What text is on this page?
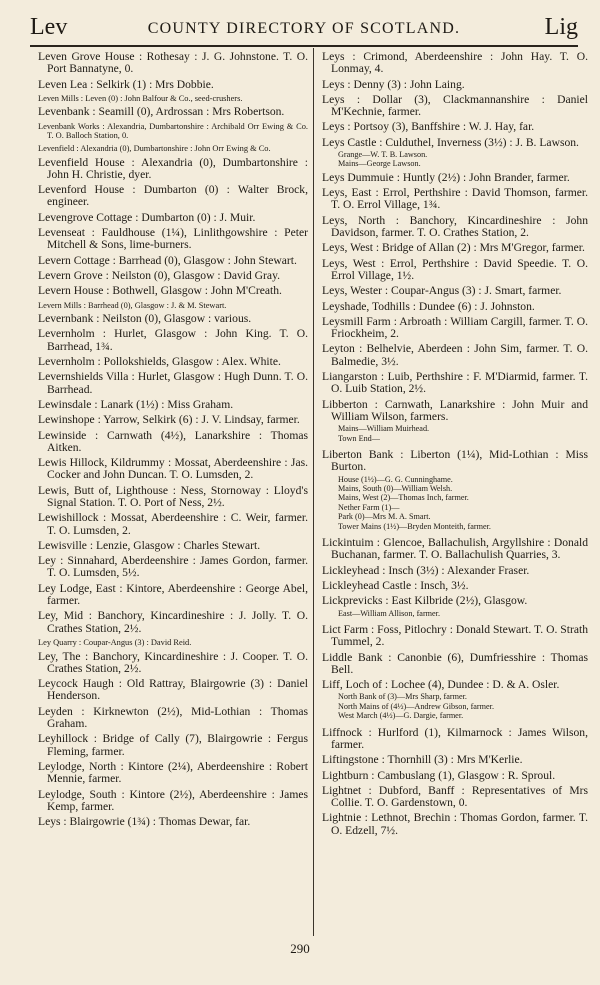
Lev	COUNTY DIRECTORY OF SCOTLAND.	Lig
Leven Grove House : Rothesay : J. G. Johnstone. T. O. Port Bannatyne, 0.
Leven Lea : Selkirk (1) : Mrs Dobbie.
Leven Mills : Leven (0) : John Balfour & Co., seed-crushers.
Levenbank : Seamill (0), Ardrossan : Mrs Robertson.
Levenbank Works : Alexandria, Dumbartonshire : Archibald Orr Ewing & Co. T. O. Balloch Station, 0.
Levenfield : Alexandria (0), Dumbartonshire : John Orr Ewing & Co.
Levenfield House : Alexandria (0), Dumbartonshire : John H. Christie, dyer.
Levenford House : Dumbarton (0) : Walter Brock, engineer.
Levengrove Cottage : Dumbarton (0) : J. Muir.
Levenseat : Fauldhouse (1¼), Linlithgowshire : Peter Mitchell & Sons, lime-burners.
Levern Cottage : Barrhead (0), Glasgow : John Stewart.
Levern Grove : Neilston (0), Glasgow : David Gray.
Levern House : Bothwell, Glasgow : John M'Creath.
Levern Mills : Barrhead (0), Glasgow : J. & M. Stewart.
Levernbank : Neilston (0), Glasgow : various.
Levernholm : Hurlet, Glasgow : John King. T. O. Barrhead, 1¾.
Levernholm : Pollokshields, Glasgow : Alex. White.
Levernshields Villa : Hurlet, Glasgow : Hugh Dunn. T. O. Barrhead.
Lewinsdale : Lanark (1½) : Miss Graham.
Lewinshope : Yarrow, Selkirk (6) : J. V. Lindsay, farmer.
Lewinside : Carnwath (4½), Lanarkshire : Thomas Aitken.
Lewis Hillock, Kildrummy : Mossat, Aberdeenshire : Jas. Cocker and John Duncan. T. O. Lumsden, 2.
Lewis, Butt of, Lighthouse : Ness, Stornoway : Lloyd's Signal Station. T. O. Port of Ness, 2½.
Lewishillock : Mossat, Aberdeenshire : C. Weir, farmer. T. O. Lumsden, 2.
Lewisville : Lenzie, Glasgow : Charles Stewart.
Ley : Sinnahard, Aberdeenshire : James Gordon, farmer. T. O. Lumsden, 5½.
Ley Lodge, East : Kintore, Aberdeenshire : George Abel, farmer.
Ley, Mid : Banchory, Kincardineshire : J. Jolly. T. O. Crathes Station, 2½.
Ley Quarry : Coupar-Angus (3) : David Reid.
Ley, The : Banchory, Kincardineshire : J. Cooper. T. O. Crathes Station, 2½.
Leycock Haugh : Old Rattray, Blairgowrie (3) : Daniel Henderson.
Leyden : Kirknewton (2½), Mid-Lothian : Thomas Graham.
Leyhillock : Bridge of Cally (7), Blairgowrie : Fergus Fleming, farmer.
Leylodge, North : Kintore (2¼), Aberdeenshire : Robert Mennie, farmer.
Leylodge, South : Kintore (2½), Aberdeenshire : James Kemp, farmer.
Leys : Blairgowrie (1¾) : Thomas Dewar, far.
Leys : Crimond, Aberdeenshire : John Hay. T. O. Lonmay, 4.
Leys : Denny (3) : John Laing.
Leys : Dollar (3), Clackmannanshire : Daniel M'Kechnie, farmer.
Leys : Portsoy (3), Banffshire : W. J. Hay, far.
Leys Castle : Culduthel, Inverness (3½) : J. B. Lawson.
Grange—W. T. B. Lawson.
Mains—George Lawson.
Leys Dummuie : Huntly (2½) : John Brander, farmer.
Leys, East : Errol, Perthshire : David Thomson, farmer. T. O. Errol Village, 1¾.
Leys, North : Banchory, Kincardineshire : John Davidson, farmer. T. O. Crathes Station, 2.
Leys, West : Bridge of Allan (2) : Mrs M'Gregor, farmer.
Leys, West : Errol, Perthshire : David Speedie. T. O. Errol Village, 1½.
Leys, Wester : Coupar-Angus (3) : J. Smart, farmer.
Leyshade, Todhills : Dundee (6) : J. Johnston.
Leysmill Farm : Arbroath : William Cargill, farmer. T. O. Friockheim, 2.
Leyton : Belhelvie, Aberdeen : John Sim, farmer. T. O. Balmedie, 3½.
Liangarston : Luib, Perthshire : F. M'Diarmid, farmer. T. O. Luib Station, 2½.
Libberton : Carnwath, Lanarkshire : John Muir and William Wilson, farmers.
Mains—William Muirhead.
Town End—
Liberton Bank : Liberton (1¼), Mid-Lothian : Miss Burton.
House (1½)—G. G. Cunninghame.
Mains, South (0)—William Welsh.
Mains, West (2)—Thomas Inch, farmer.
Nether Farm (1)—
Park (0)—Mrs M. A. Smart.
Tower Mains (1½)—Bryden Monteith, farmer.
Lickintuim : Glencoe, Ballachulish, Argyllshire : Donald Buchanan, farmer. T. O. Ballachulish Quarries, 3.
Lickleyhead : Insch (3½) : Alexander Fraser.
Lickleyhead Castle : Insch, 3½.
Lickprevicks : East Kilbride (2½), Glasgow.
East—William Allison, farmer.
Lict Farm : Foss, Pitlochry : Donald Stewart. T. O. Strath Tummel, 2.
Liddle Bank : Canonbie (6), Dumfriesshire : Thomas Bell.
Liff, Loch of : Lochee (4), Dundee : D. & A. Osler.
North Bank of (3)—Mrs Sharp, farmer.
North Mains of (4½)—Andrew Gibson, farmer.
West March (4½)—G. Dargie, farmer.
Liffnock : Hurlford (1), Kilmarnock : James Wilson, farmer.
Liftingstone : Thornhill (3) : Mrs M'Kerlie.
Lightburn : Cambuslang (1), Glasgow : R. Sproul.
Lightnet : Dubford, Banff : Representatives of Mrs Collie. T. O. Gardenstown, 0.
Lightnie : Lethnot, Brechin : Thomas Gordon, farmer. T. O. Edzell, 7½.
290
